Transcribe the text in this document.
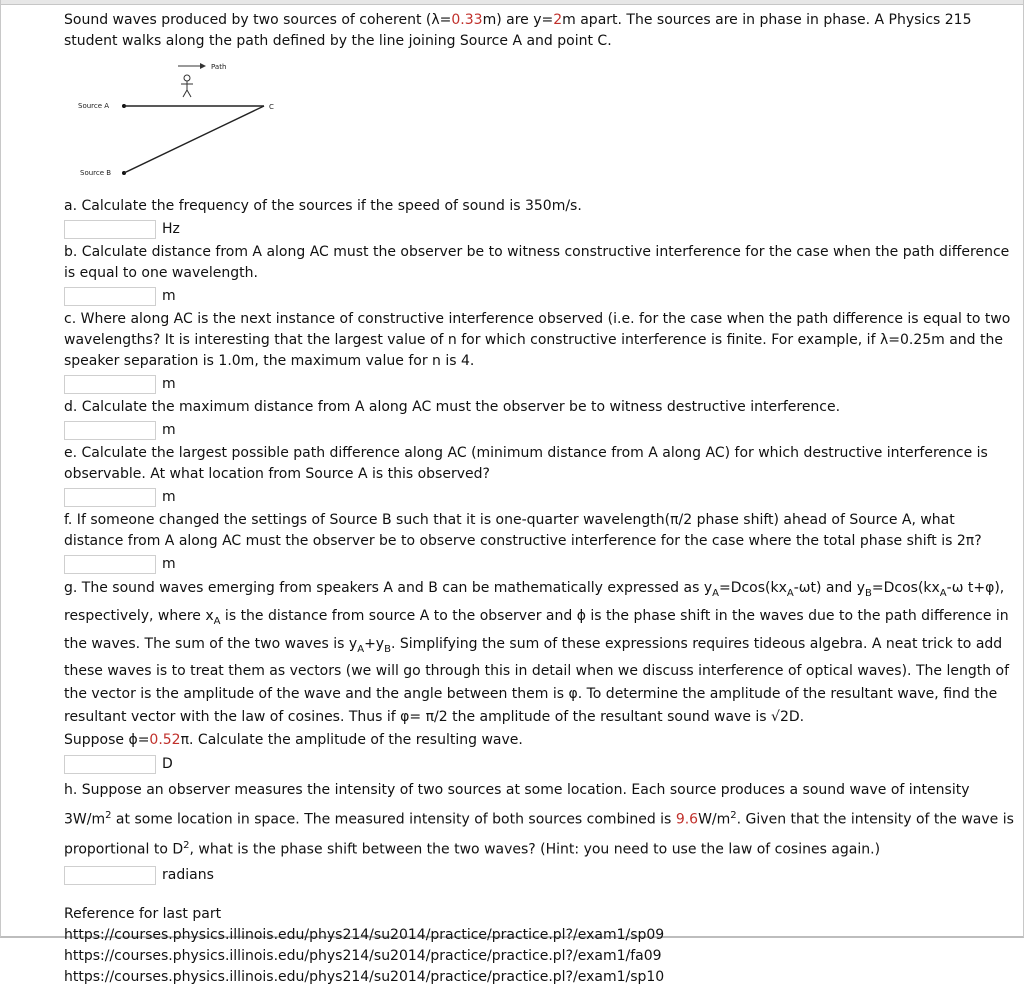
Sound waves produced by two sources of coherent (λ=0.33m) are y=2m apart. The sources are in phase in phase. A Physics 215
student walks along the path defined by the line joining Source A and point C.

Path
Source A	C
Source B

a. Calculate the frequency of the sources if the speed of sound is 350m/s.

Hz

b. Calculate distance from A along AC must the observer be to witness constructive interference for the case when the path difference is equal to one wavelength.

m

c. Where along AC is the next instance of constructive interference observed (i.e. for the case when the path difference is equal to two wavelengths? It is interesting that the largest value of n for which constructive interference is finite. For example, if λ=0.25m and the speaker separation is 1.0m, the maximum value for n is 4.

m

d. Calculate the maximum distance from A along AC must the observer be to witness destructive interference.

m

e. Calculate the largest possible path difference along AC (minimum distance from A along AC) for which destructive interference is observable. At what location from Source A is this observed?

m

f. If someone changed the settings of Source B such that it is one-quarter wavelength(π/2 phase shift) ahead of Source A, what distance from A along AC must the observer be to observe constructive interference for the case where the total phase shift is 2π?

m

g. The sound waves emerging from speakers A and B can be mathematically expressed as $y_A=Dcos(kx_A-\omega t)$ and $y_B=Dcos(kx_A-\omega$ t+φ), respectively, where $x_A$ is the distance from source A to the observer and ϕ is the phase shift in the waves due to the path difference in the waves. The sum of the two waves is $y_A+y_B$. Simplifying the sum of these expressions requires tideous algebra. A neat trick to add these waves is to treat them as vectors (we will go through this in detail when we discuss interference of optical waves). The length of the vector is the amplitude of the wave and the angle between them is φ. To determine the amplitude of the resultant wave, find the resultant vector with the law of cosines. Thus if φ= π/2 the amplitude of the resultant sound wave is √2D.
Suppose ϕ=0.52π. Calculate the amplitude of the resulting wave.

D

h. Suppose an observer measures the intensity of two sources at some location. Each source produces a sound wave of intensity $3W/m^2$ at some location in space. The measured intensity of both sources combined is $9.6W/m^2$. Given that the intensity of the wave is proportional to $D^2$, what is the phase shift between the two waves? (Hint: you need to use the law of cosines again.)

radians

Reference for last part

https://courses.physics.illinois.edu/phys214/su2014/practice/practice.pl?/exam1/sp09

https://courses.physics.illinois.edu/phys214/su2014/practice/practice.pl?/exam1/fa09

https://courses.physics.illinois.edu/phys214/su2014/practice/practice.pl?/exam1/sp10
